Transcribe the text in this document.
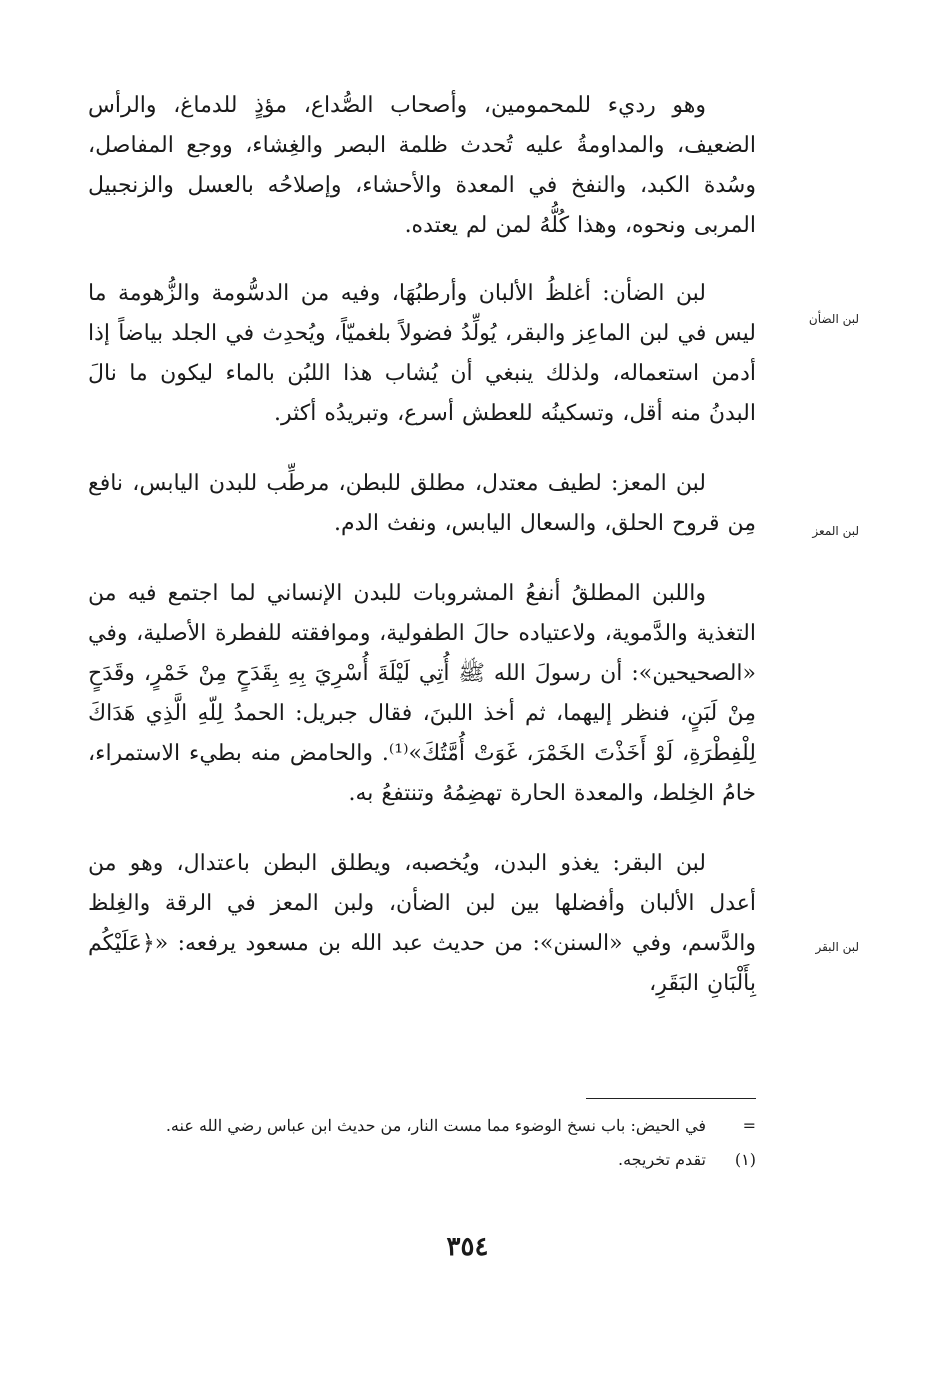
وهو رديء للمحمومين، وأصحاب الصُّداع، مؤذٍ للدماغ، والرأس الضعيف، والمداومةُ عليه تُحدث ظلمة البصر والغِشاء، ووجع المفاصل، وسُدة الكبد، والنفخ في المعدة والأحشاء، وإصلاحُه بالعسل والزنجبيل المربى ونحوه، وهذا كُلُّهُ لمن لم يعتده.

لبن الضأن: أغلظُ الألبان وأرطبُهَا، وفيه من الدسُّومة والزُّهومة ما ليس في لبن الماعِز والبقر، يُولِّدُ فضولاً بلغميّاً، ويُحدِث في الجلد بياضاً إذا أدمن استعماله، ولذلك ينبغي أن يُشاب هذا اللبُن بالماء ليكون ما نالَ البدنُ منه أقل، وتسكينُه للعطش أسرع، وتبريدُه أكثر.

لبن المعز: لطيف معتدل، مطلق للبطن، مرطِّب للبدن اليابس، نافع مِن قروح الحلق، والسعال اليابس، ونفث الدم.

واللبن المطلقُ أنفعُ المشروبات للبدن الإنساني لما اجتمع فيه من التغذية والدَّموية، ولاعتياده حالَ الطفولية، وموافقته للفطرة الأصلية، وفي «الصحيحين»: أن رسولَ الله ﷺ أُتِي لَيْلَةَ أُسْرِيَ بِهِ بِقَدَحٍ مِنْ خَمْرٍ، وقَدَحٍ مِنْ لَبَنٍ، فنظر إليهما، ثم أخذ اللبنَ، فقال جبريل: الحمدُ لِلّهِ الَّذِي هَدَاكَ لِلْفِطْرَةِ، لَوْ أَخَذْتَ الخَمْرَ، غَوَتْ أُمَّتُكَ»⁽¹⁾. والحامض منه بطيء الاستمراء، خامُ الخِلط، والمعدة الحارة تهضِمُهُ وتنتفعُ به.

لبن البقر: يغذو البدن، ويُخصبه، ويطلق البطن باعتدال، وهو من أعدل الألبان وأفضلها بين لبن الضأن، ولبن المعز في الرقة والغِلظ والدَّسم، وفي «السنن»: من حديث عبد الله بن مسعود يرفعه: «﴿عَلَيْكُم بِأَلْبَانِ البَقَرِ،

لبن الضأن
لبن المعز
لبن البقر
=
في الحيض: باب نسخ الوضوء مما مست النار، من حديث ابن عباس رضي الله عنه.
(١)
تقدم تخريجه.
٣٥٤
